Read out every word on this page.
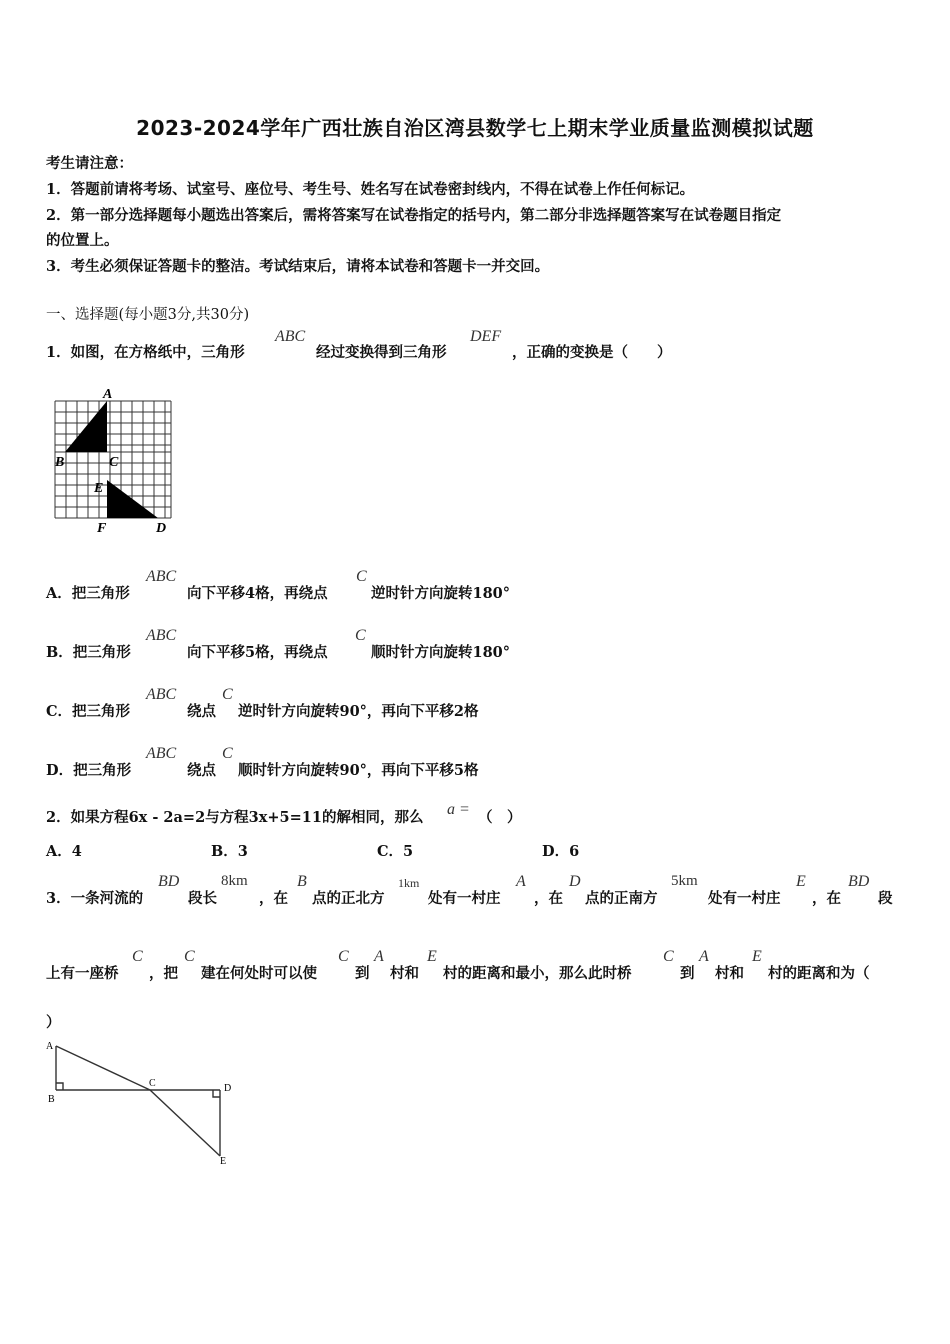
2023-2024学年广西壮族自治区湾县数学七上期末学业质量监测模拟试题
考生请注意：
1．答题前请将考场、试室号、座位号、考生号、姓名写在试卷密封线内，不得在试卷上作任何标记。
2．第一部分选择题每小题选出答案后，需将答案写在试卷指定的括号内，第二部分非选择题答案写在试卷题目指定
的位置上。
3．考生必须保证答题卡的整洁。考试结束后，请将本试卷和答题卡一并交回。
一、选择题(每小题3分,共30分)
1．如图，在方格纸中，三角形
ABC
经过变换得到三角形
DEF
，正确的变换是（　　）
A
B	C
E
F	D
A．把三角形
ABC
向下平移4格，再绕点
C
逆时针方向旋转180°
B．把三角形
ABC
向下平移5格，再绕点
C
顺时针方向旋转180°
C．把三角形
ABC
绕点
C
逆时针方向旋转90°，再向下平移2格
D．把三角形
ABC
绕点
C
顺时针方向旋转90°，再向下平移5格
2．如果方程6x - 2a=2与方程3x+5=11的解相同，那么 a = （　）
A．4	B．3	C．5	D．6
3．一条河流的
BD
段长
8km
，在
B
点的正北方
1km
处有一村庄
A
，在
D
点的正南方
5km
处有一村庄
E
，在
BD
段
上有一座桥
C
，把
C
建在何处时可以使
C
到
A
村和
E
村的距离和最小，那么此时桥
C
到
A
村和
E
村的距离和为（
）
A
B
C	D
E
